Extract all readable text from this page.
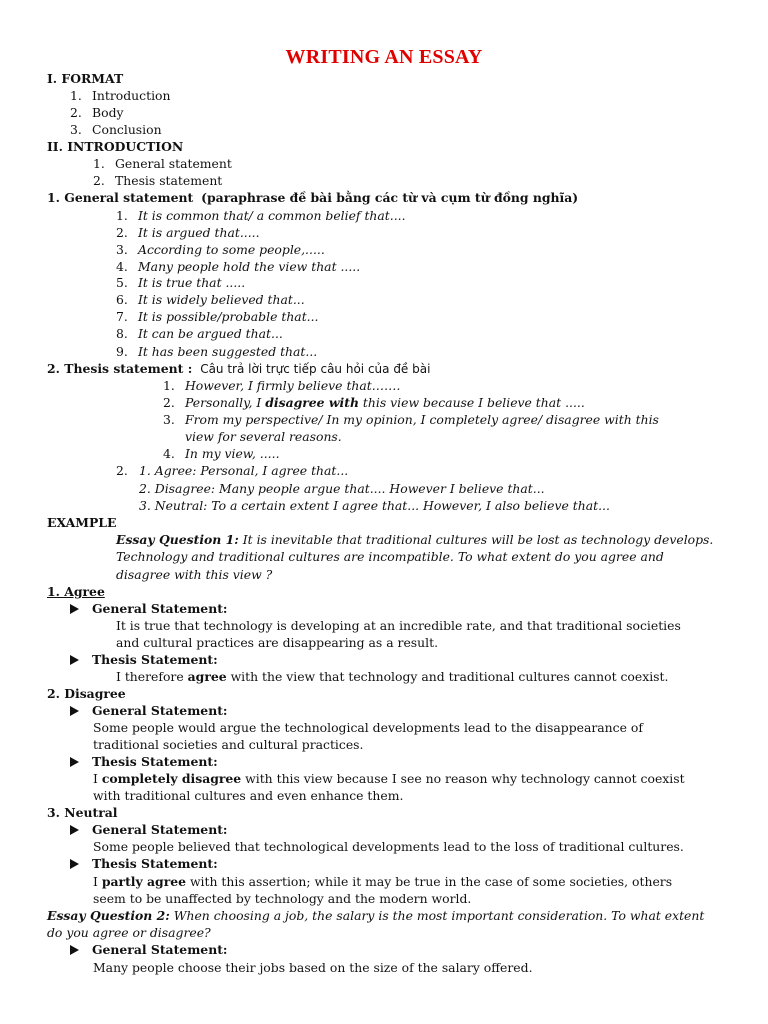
WRITING AN ESSAY
I. FORMAT
1. Introduction
2. Body
3. Conclusion
II. INTRODUCTION
1. General statement
2. Thesis statement
1. General statement (paraphrase đề bài bằng các từ và cụm từ đồng nghĩa)
1. It is common that/ a common belief that....
2. It is argued that.....
3. According to some people,.....
4. Many people hold the view that .....
5. It is true that .....
6. It is widely believed that...
7. It is possible/probable that...
8. It can be argued that...
9. It has been suggested that...
2. Thesis statement : Câu trả lời trực tiếp câu hỏi của đề bài
1. However, I firmly believe that.……
2. Personally, I disagree with this view because I believe that .....
3. From my perspective/ In my opinion, I completely agree/ disagree with this
view for several reasons.
4. In my view, .....
2. 1. Agree: Personal, I agree that...
2. Disagree: Many people argue that.... However I believe that...
3. Neutral: To a certain extent I agree that... However, I also believe that...
EXAMPLE
Essay Question 1: It is inevitable that traditional cultures will be lost as technology develops.
Technology and traditional cultures are incompatible. To what extent do you agree and
disagree with this view ?
1. Agree
General Statement:
It is true that technology is developing at an incredible rate, and that traditional societies
and cultural practices are disappearing as a result.
Thesis Statement:
I therefore agree with the view that technology and traditional cultures cannot coexist.
2. Disagree
General Statement:
Some people would argue the technological developments lead to the disappearance of
traditional societies and cultural practices.
Thesis Statement:
I completely disagree with this view because I see no reason why technology cannot coexist
with traditional cultures and even enhance them.
3. Neutral
General Statement:
Some people believed that technological developments lead to the loss of traditional cultures.
Thesis Statement:
I partly agree with this assertion; while it may be true in the case of some societies, others
seem to be unaffected by technology and the modern world.
Essay Question 2: When choosing a job, the salary is the most important consideration. To what extent
do you agree or disagree?
General Statement:
Many people choose their jobs based on the size of the salary offered.
